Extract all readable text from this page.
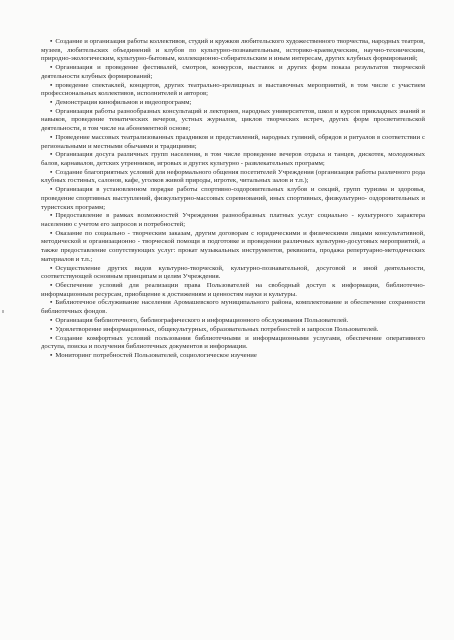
• Создание и организация работы коллективов, студий и кружков любительского художественного творчества, народных театров, музеев, любительских объединений и клубов по культурно-познавательным, историко-краеведческим, научно-техническим, природно-экологическим, культурно-бытовым, коллекционно-собирательским и иным интересам, других клубных формирований;

• Организация и проведение фестивалей, смотров, конкурсов, выставок и других форм показа результатов творческой деятельности клубных формирований;

• проведение спектаклей, концертов, других театрально-зрелищных и выставочных мероприятий, в том числе с участием профессиональных коллективов, исполнителей и авторов;

• Демонстрация кинофильмов и видеопрограмм;

• Организация работы разнообразных консультаций и лекториев, народных университетов, школ и курсов прикладных знаний и навыков, проведение тематических вечеров, устных журналов, циклов творческих встреч, других форм просветительской деятельности, в том числе на абонементной основе;

• Проведение массовых театрализованных праздников и представлений, народных гуляний, обрядов и ритуалов в соответствии с региональными и местными обычаями и традициями;

• Организация досуга различных групп населения, в том числе проведение вечеров отдыха и танцев, дискотек, молодежных балов, карнавалов, детских утренников, игровых и других культурно - развлекательных программ;

• Создание благоприятных условий для неформального общения посетителей Учреждения (организация работы различного рода клубных гостиных, салонов, кафе, уголков живой природы, игротек, читальных залов и т.п.);

• Организация в установленном порядке работы спортивно-оздоровительных клубов и секций, групп туризма и здоровья, проведение спортивных выступлений, физкультурно-массовых соревнований, иных спортивных, физкультурно- оздоровительных и туристских программ;

• Предоставление в рамках возможностей Учреждения разнообразных платных услуг социально - культурного характера населению с учетом его запросов и потребностей;

• Оказание по социально - творческим заказам, другим договорам с юридическими и физическими лицами консультативной, методической и организационно - творческой помощи в подготовке и проведении различных культурно-досуговых мероприятий, а также предоставление сопутствующих услуг: прокат музыкальных инструментов, реквизита, продажа репертуарно-методических материалов и т.п.;

• Осуществление других видов культурно-творческой, культурно-познавательной, досуговой и иной деятельности, соответствующей основным принципам и целям Учреждения.

• Обеспечение условий для реализации права Пользователей на свободный доступ к информации, библиотечно-информационным ресурсам, приобщение к достижениям и ценностям науки и культуры.

• Библиотечное обслуживание населения Аромашевского муниципального района, комплектование и обеспечение сохранности библиотечных фондов.

• Организация библиотечного, библиографического и информационного обслуживания Пользователей.

• Удовлетворение информационных, общекультурных, образовательных потребностей и запросов Пользователей.

• Создание комфортных условий пользования библиотечными и информационными услугами, обеспечение оперативного доступа, поиска и получения библиотечных документов и информации.

• Мониторинг потребностей Пользователей, социологическое изучение
